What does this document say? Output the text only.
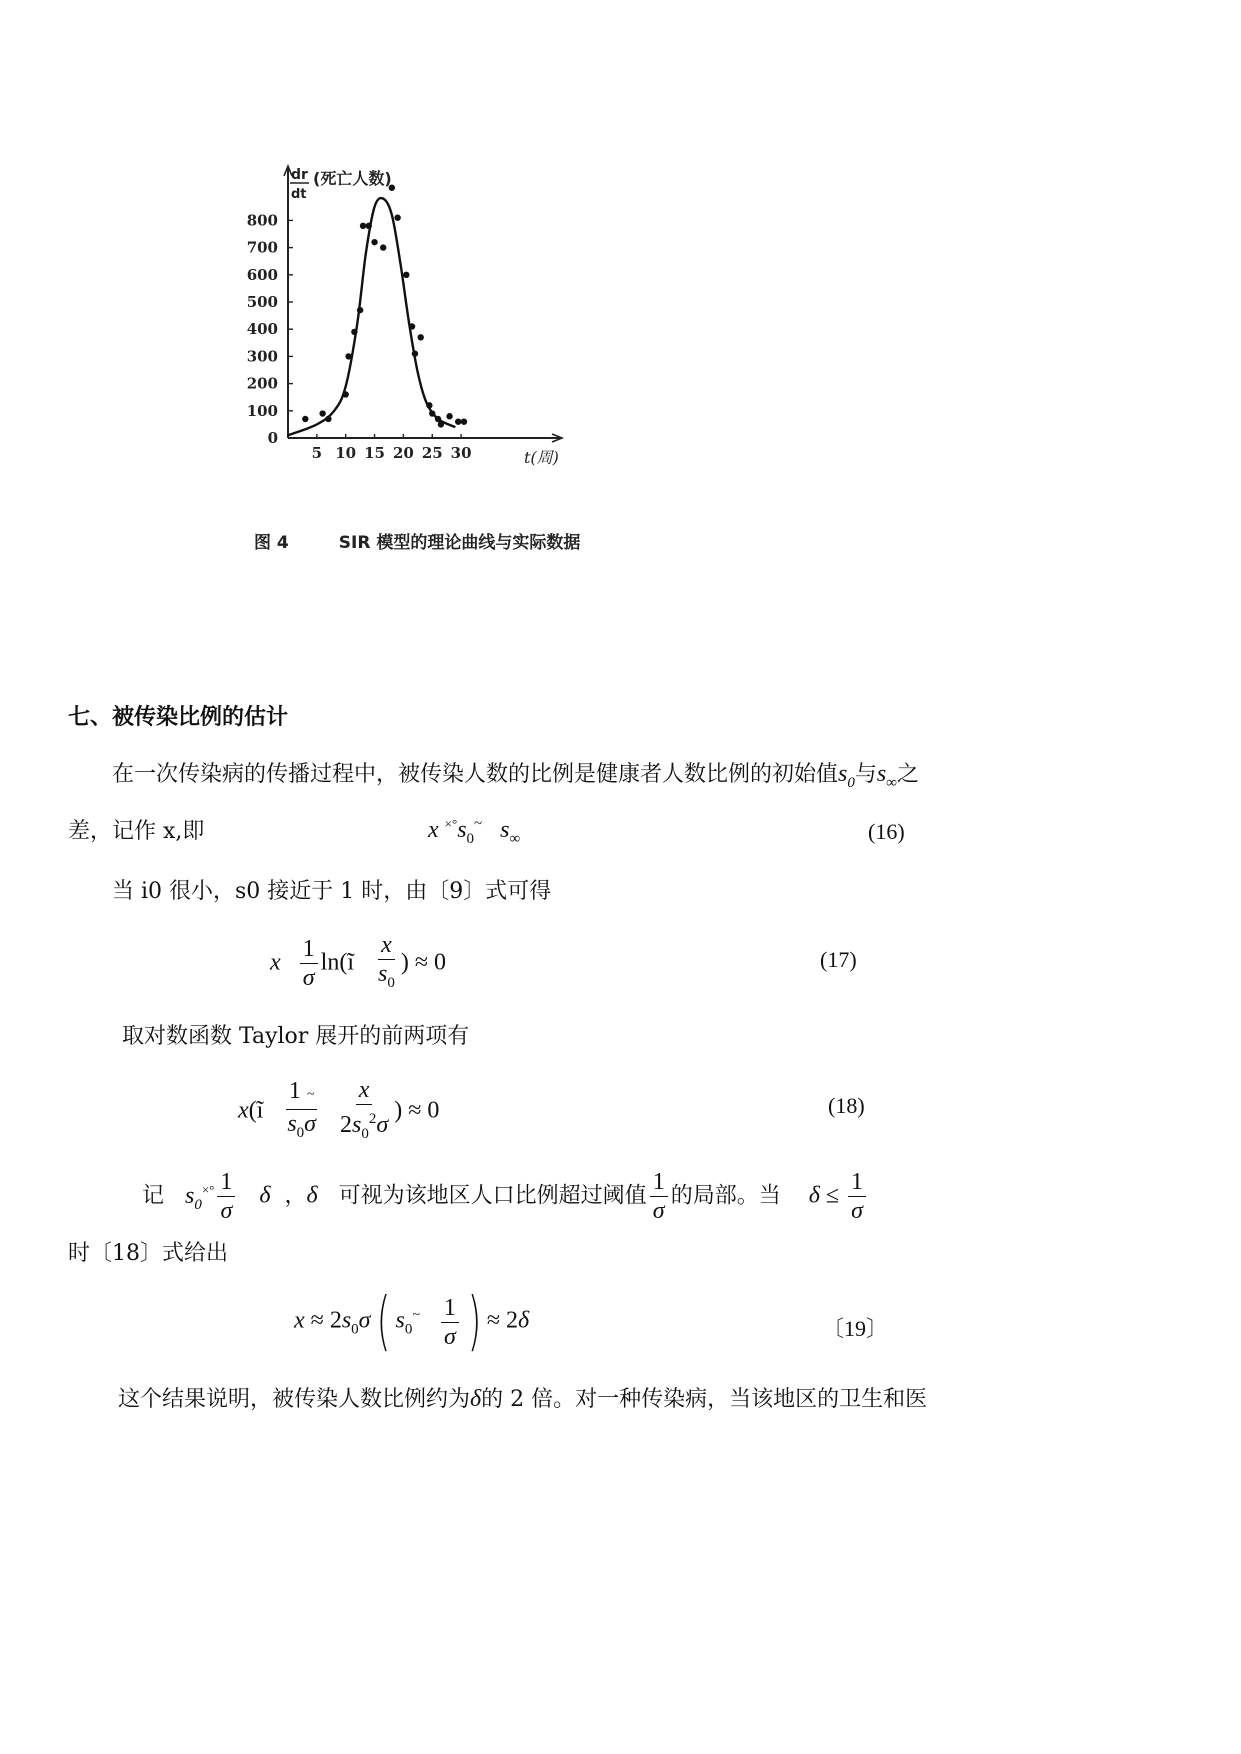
0
100
200
300
400
500
600
700
800
5 10 15 20 25 30
dr
dt
(死亡人数)
t(周)
图 4	SIR 模型的理论曲线与实际数据
七、被传染比例的估计
在一次传染病的传播过程中，被传染人数的比例是健康者人数比例的初始值$s_0$与$s_\infty$之
差，记作 x,即	x $^{\times^\circ}s_0^\sim$ $s_\infty$	(16)
当 i0 很小，s0 接近于 1 时，由〔9〕式可得
x $\frac{1}{\sigma}$ ln(ĩ $\frac{x}{s_0}$ ) ≈ 0	(17)
取对数函数 Taylor 展开的前两项有
x(ĩ $\frac{1 \sim}{s_0\sigma}$
$\frac{x}{2s_0^2\sigma}$ ) ≈ 0	(18)
记 $s_0^{\times^\circ} \frac{1}{\sigma}$ δ ，δ 可视为该地区人口比例超过阈值 $\frac{1}{\sigma}$ 的局部。当 $\delta \le \frac{1}{\sigma}$
时〔18〕式给出
$x \approx 2s_0\sigma$( $s_0^\sim \frac{1}{\sigma}$ ) ≈ 2δ	〔19〕
这个结果说明，被传染人数比例约为δ的 2 倍。对一种传染病，当该地区的卫生和医
